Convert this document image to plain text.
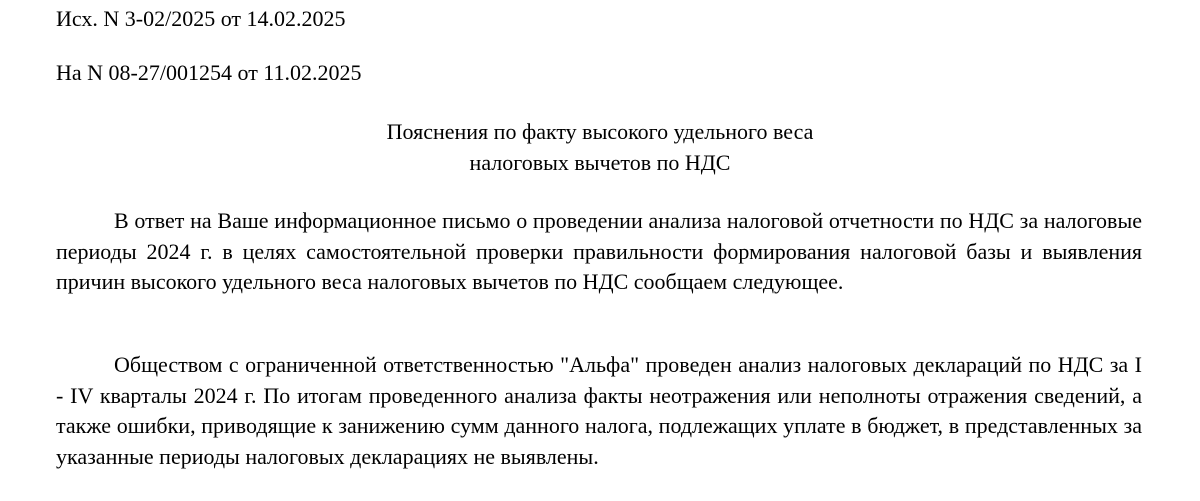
Исх. N 3-02/2025 от 14.02.2025
На N 08-27/001254 от 11.02.2025
Пояснения по факту высокого удельного веса
налоговых вычетов по НДС
В ответ на Ваше информационное письмо о проведении анализа налоговой отчетности по НДС за налоговые периоды 2024 г. в целях самостоятельной проверки правильности формирования налоговой базы и выявления причин высокого удельного веса налоговых вычетов по НДС сообщаем следующее.
Обществом с ограниченной ответственностью "Альфа" проведен анализ налоговых деклараций по НДС за I - IV кварталы 2024 г. По итогам проведенного анализа факты неотражения или неполноты отражения сведений, а также ошибки, приводящие к занижению сумм данного налога, подлежащих уплате в бюджет, в представленных за указанные периоды налоговых декларациях не выявлены.
